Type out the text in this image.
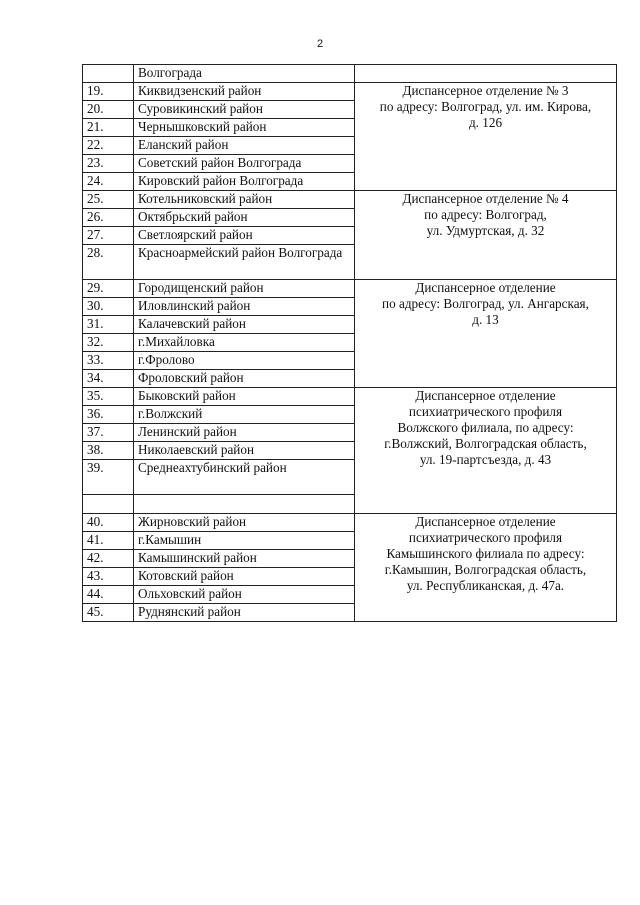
2
	Волгограда	
19.	Киквидзенский район	Диспансерное отделение № 3
по адресу: Волгоград, ул. им. Кирова,
д. 126

20.	Суровикинский район	
21.	Чернышковский район	
22.	Еланский район	
23.	Советский район Волгограда	
24.	Кировский район Волгограда	
25.	Котельниковский район	Диспансерное отделение № 4
по адресу: Волгоград,
ул. Удмуртская, д. 32

26.	Октябрьский район	
27.	Светлоярский район	
28.	Красноармейский район Волгограда	
29.	Городищенский район	Диспансерное отделение
по адресу: Волгоград, ул. Ангарская,
д. 13

30.	Иловлинский район	
31.	Калачевский район	
32.	г.Михайловка	
33.	г.Фролово	
34.	Фроловский район	
35.	Быковский район	Диспансерное отделение
психиатрического профиля
Волжского филиала, по адресу:
г.Волжский, Волгоградская область,
ул. 19-партсъезда, д. 43

36.	г.Волжский	
37.	Ленинский район	
38.	Николаевский район	
39.	Среднеахтубинский район	

40.	Жирновский район	Диспансерное отделение
психиатрического профиля
Камышинского филиала по адресу:
г.Камышин, Волгоградская область,
ул. Республиканская, д. 47а.

41.	г.Камышин	
42.	Камышинский район	
43.	Котовский район	
44.	Ольховский район	
45.	Руднянский район	
